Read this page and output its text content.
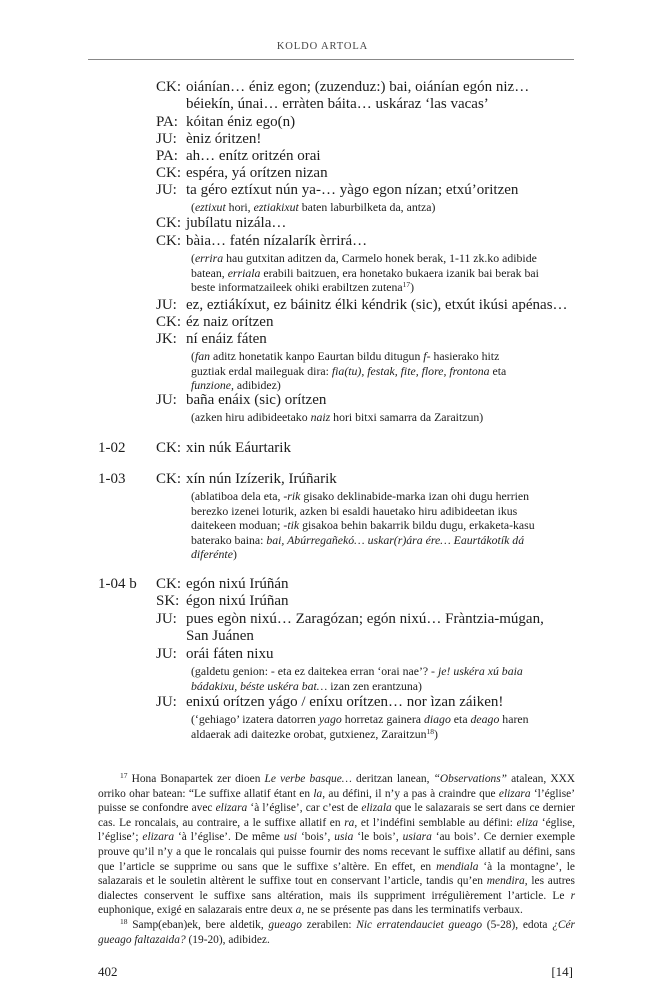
KOLDO ARTOLA
CK: oiánían… éniz egon; (zuzenduz:) bai, oiánían egón niz…
béiekín, únai… erràten báita… uskáraz ‘las vacas’
PA: kóitan éniz ego(n)
JU: èniz óritzen!
PA: ah… enítz oritzén orai
CK: espéra, yá orítzen nizan
JU: ta géro eztíxut nún ya-… yàgo egon nízan; etxú’oritzen
(eztixut hori, eztiakixut baten laburbilketa da, antza)
CK: jubílatu nizála…
CK: bàia… fatén nízalarík èrrirá…
(errira hau gutxitan aditzen da, Carmelo honek berak, 1-11 zk.ko adibide
batean, erriala erabili baitzuen, era honetako bukaera izanik bai berak bai
beste informatzaileek ohiki erabiltzen zutena$^{17}$)
JU: ez, eztiákíxut, ez báinitz élki kéndrik (sic), etxút ikúsi apénas…
CK: éz naiz orítzen
JK: ní enáiz fáten
(fan aditz honetatik kanpo Eaurtan bildu ditugun f- hasierako hitz
guztiak erdal maileguak dira: fia(tu), festak, fite, flore, frontona eta
funzione, adibidez)
JU: baña enáix (sic) orítzen
(azken hiru adibideetako naiz hori bitxi samarra da Zaraitzun)
1-02 CK: xin núk Eáurtarik
1-03 CK: xín nún Izízerik, Irúñarik
(ablatiboa dela eta, -rik gisako deklinabide-marka izan ohi dugu herrien
berezko izenei loturik, azken bi esaldi hauetako hiru adibideetan ikus
daitekeen moduan; -tik gisakoa behin bakarrik bildu dugu, erkaketa-kasu
baterako baina: bai, Abúrregañekó… uskar(r)ára ére… Eaurtákotík dá
diferénte)
1-04 b CK: egón nixú Irúñán
SK: égon nixú Irúñan
JU: pues egòn nixú… Zaragózan; egón nixú… Fràntzia-múgan,
San Juánen
JU: orái fáten nixu
(galdetu genion: - eta ez daitekea erran ‘orai nae’? - je! uskéra xú baia
bádakixu, béste uskéra bat… izan zen erantzuna)
JU: enixú orítzen yágo / eníxu orítzen… nor ìzan záiken!
(‘gehiago’ izatera datorren yago horretaz gainera diago eta deago haren
aldaerak adi daitezke orobat, gutxienez, Zaraitzun$^{18}$)

$^{17}$ Hona Bonapartek zer dioen Le verbe basque… deritzan lanean, “Observations” atalean, XXX orriko ohar batean: “Le suffixe allatif étant en la, au défini, il n’y a pas à craindre que elizara ‘l’église’ puisse se confondre avec elizara ‘à l’église’, car c’est de elizala que le salazarais se sert dans ce dernier cas. Le roncalais, au contraire, a le suffixe allatif en ra, et l’indéfini semblable au défini: eliza ‘église, l’église’; elizara ‘à l’église’. De même usi ‘bois’, usia ‘le bois’, usiara ‘au bois’. Ce dernier exemple prouve qu’il n’y a que le roncalais qui puisse fournir des noms recevant le suffixe allatif au défini, sans que l’article se supprime ou sans que le suffixe s’altère. En effet, en mendiala ‘à la montagne’, le salazarais et le souletin altèrent le suffixe tout en conservant l’article, tandis qu’en mendira, les autres dialectes conservent le suffixe sans altération, mais ils suppriment irrégulièrement l’article. Le r euphonique, exigé en salazarais entre deux a, ne se présente pas dans les terminatifs verbaux.

$^{18}$ Samp(eban)ek, bere aldetik, gueago zerabilen: Nic erratendauciet gueago (5-28), edota ¿Cér gueago faltazaida? (19-20), adibidez.

402	[14]
